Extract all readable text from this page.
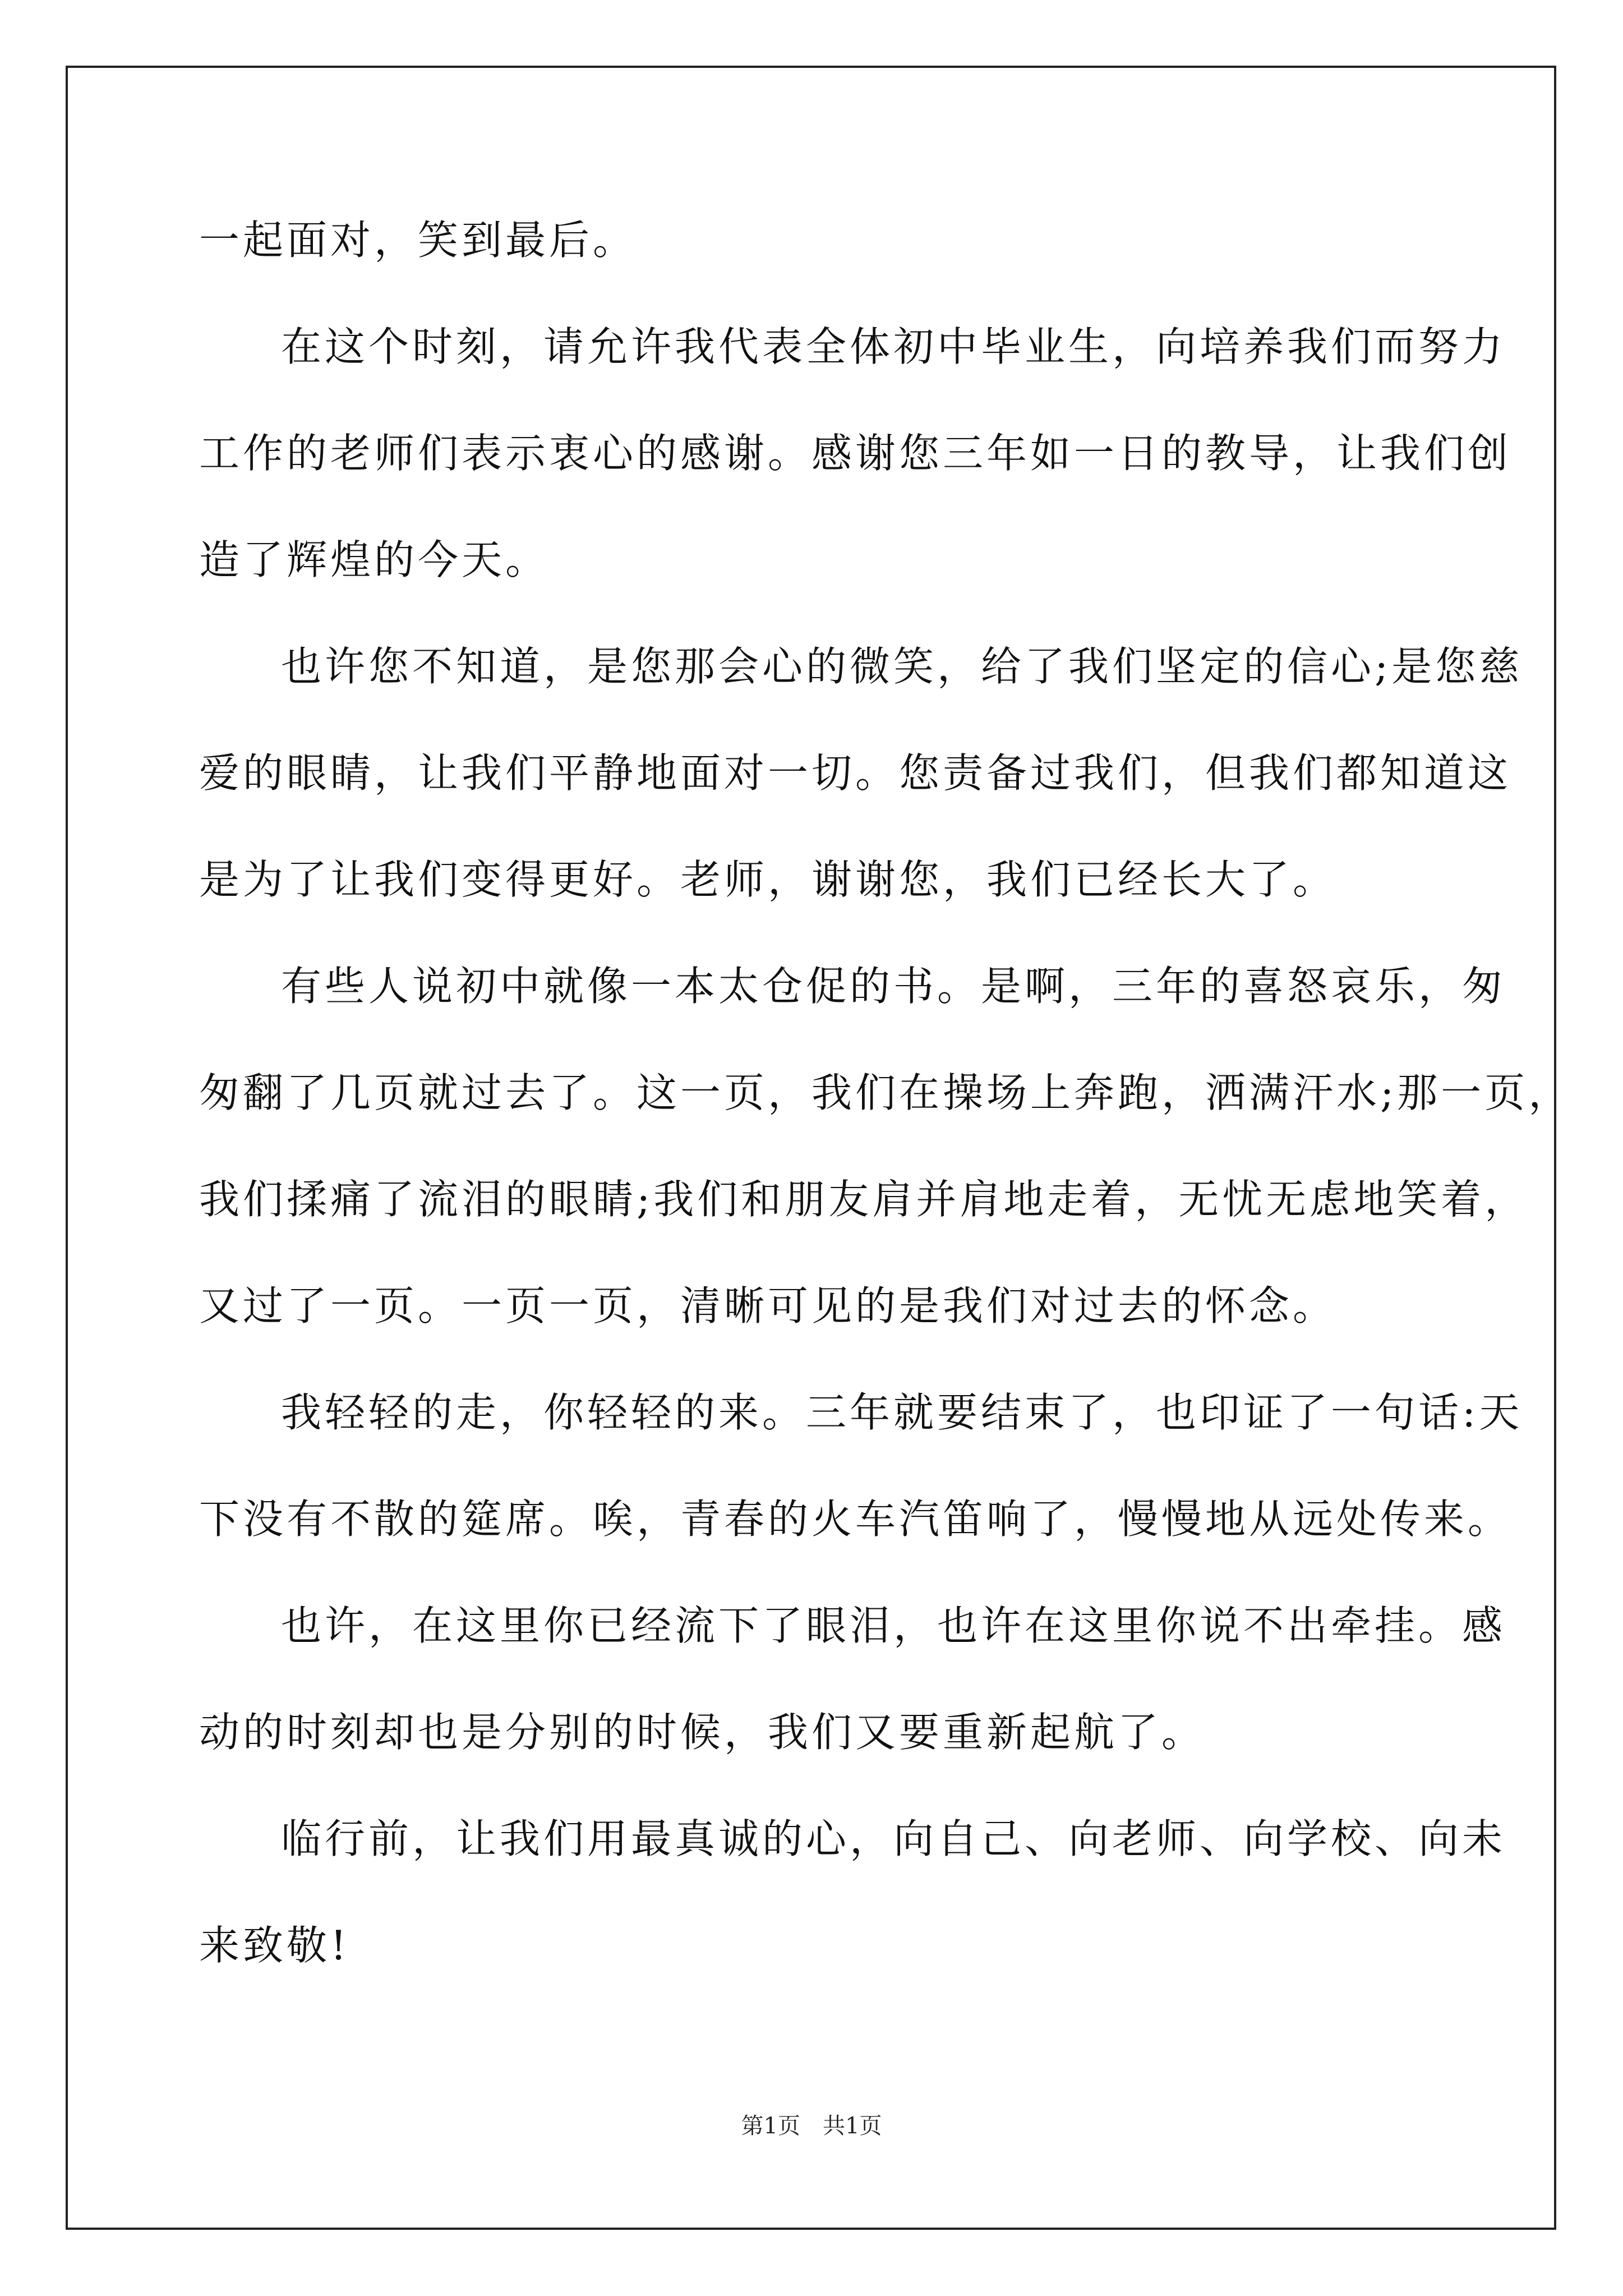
一起面对，笑到最后。
在这个时刻，请允许我代表全体初中毕业生，向培养我们而努力
工作的老师们表示衷心的感谢。感谢您三年如一日的教导，让我们创
造了辉煌的今天。
也许您不知道，是您那会心的微笑，给了我们坚定的信心;是您慈
爱的眼睛，让我们平静地面对一切。您责备过我们，但我们都知道这
是为了让我们变得更好。老师，谢谢您，我们已经长大了。
有些人说初中就像一本太仓促的书。是啊，三年的喜怒哀乐，匆
匆翻了几页就过去了。这一页，我们在操场上奔跑，洒满汗水;那一页，
我们揉痛了流泪的眼睛;我们和朋友肩并肩地走着，无忧无虑地笑着，
又过了一页。一页一页，清晰可见的是我们对过去的怀念。
我轻轻的走，你轻轻的来。三年就要结束了，也印证了一句话:天
下没有不散的筵席。唉，青春的火车汽笛响了，慢慢地从远处传来。
也许，在这里你已经流下了眼泪，也许在这里你说不出牵挂。感
动的时刻却也是分别的时候，我们又要重新起航了。
临行前，让我们用最真诚的心，向自己、向老师、向学校、向未
来致敬!
第1页　共1页
